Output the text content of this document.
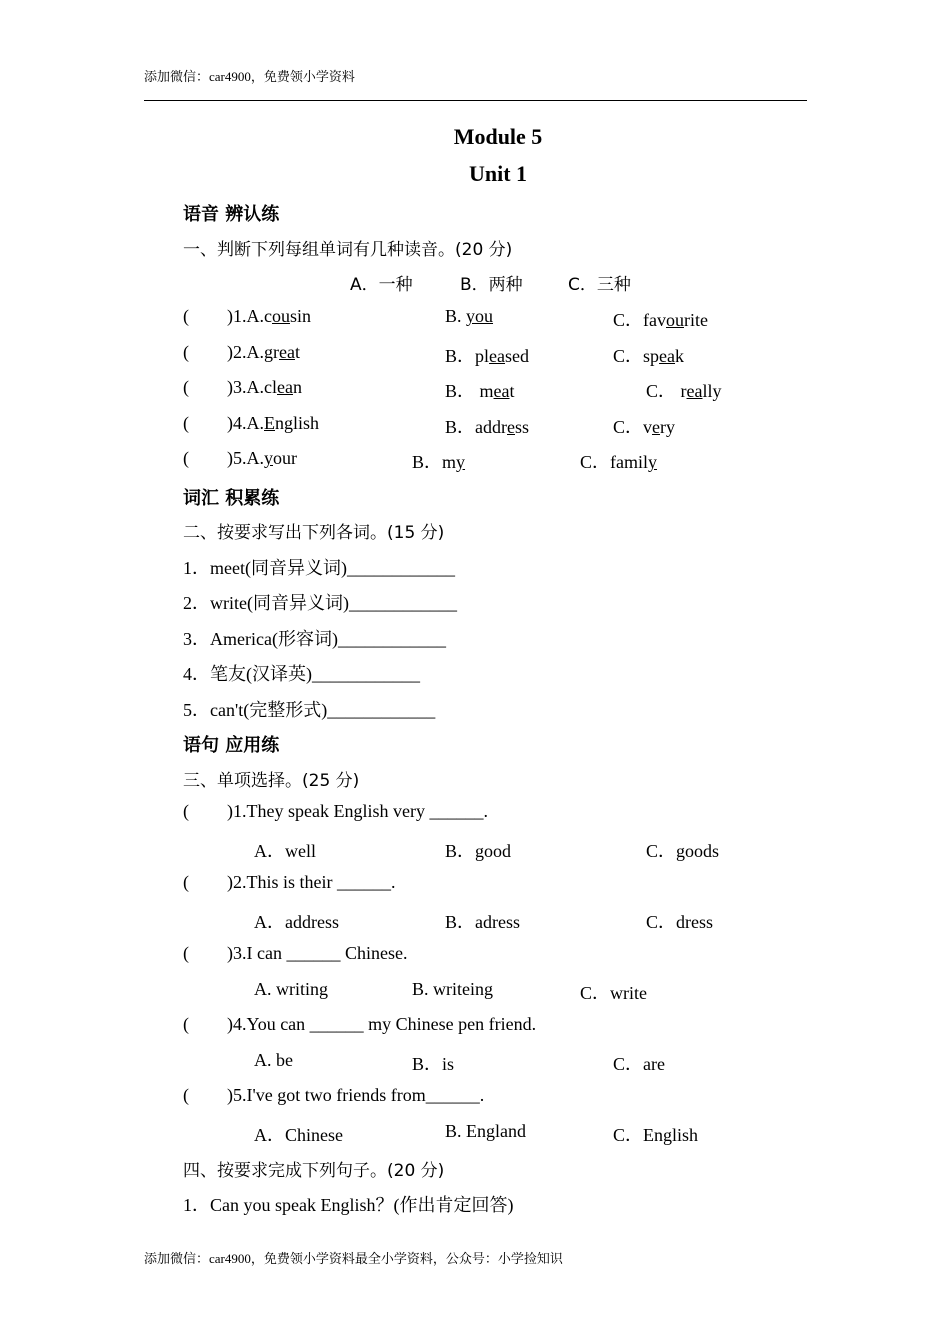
添加微信：car4900，免费领小学资料
Module 5
Unit 1
语音 辨认练
一、判断下列每组单词有几种读音。(20 分)
A．一种	B．两种	C．三种
( )1.A.cousin	B. you	C．favourite
( )2.A.great	B．pleased	C．speak
( )3.A.clean	B． meat	C． really
( )4.A.English	B．address	C．very
( )5.A.your	B．my	C．family
词汇 积累练
二、按要求写出下列各词。(15 分)
1．meet(同音异义词)____________
2．write(同音异义词)____________
3．America(形容词)____________
4．笔友(汉译英)____________
5．can't(完整形式)____________
语句 应用练
三、单项选择。(25 分)
( )1.They speak English very ______.
A．well	B．good	C．goods
( )2.This is their ______.
A．address	B．adress	C．dress
( )3.I can ______ Chinese.
A. writing	B. writeing	C．write
( )4.You can ______ my Chinese pen friend.
A. be	B．is	C．are
( )5.I've got two friends from______.
A．Chinese	B. England	C．English
四、按要求完成下列句子。(20 分)
1．Can you speak English？(作出肯定回答)
添加微信：car4900，免费领小学资料最全小学资料，公众号：小学捡知识
